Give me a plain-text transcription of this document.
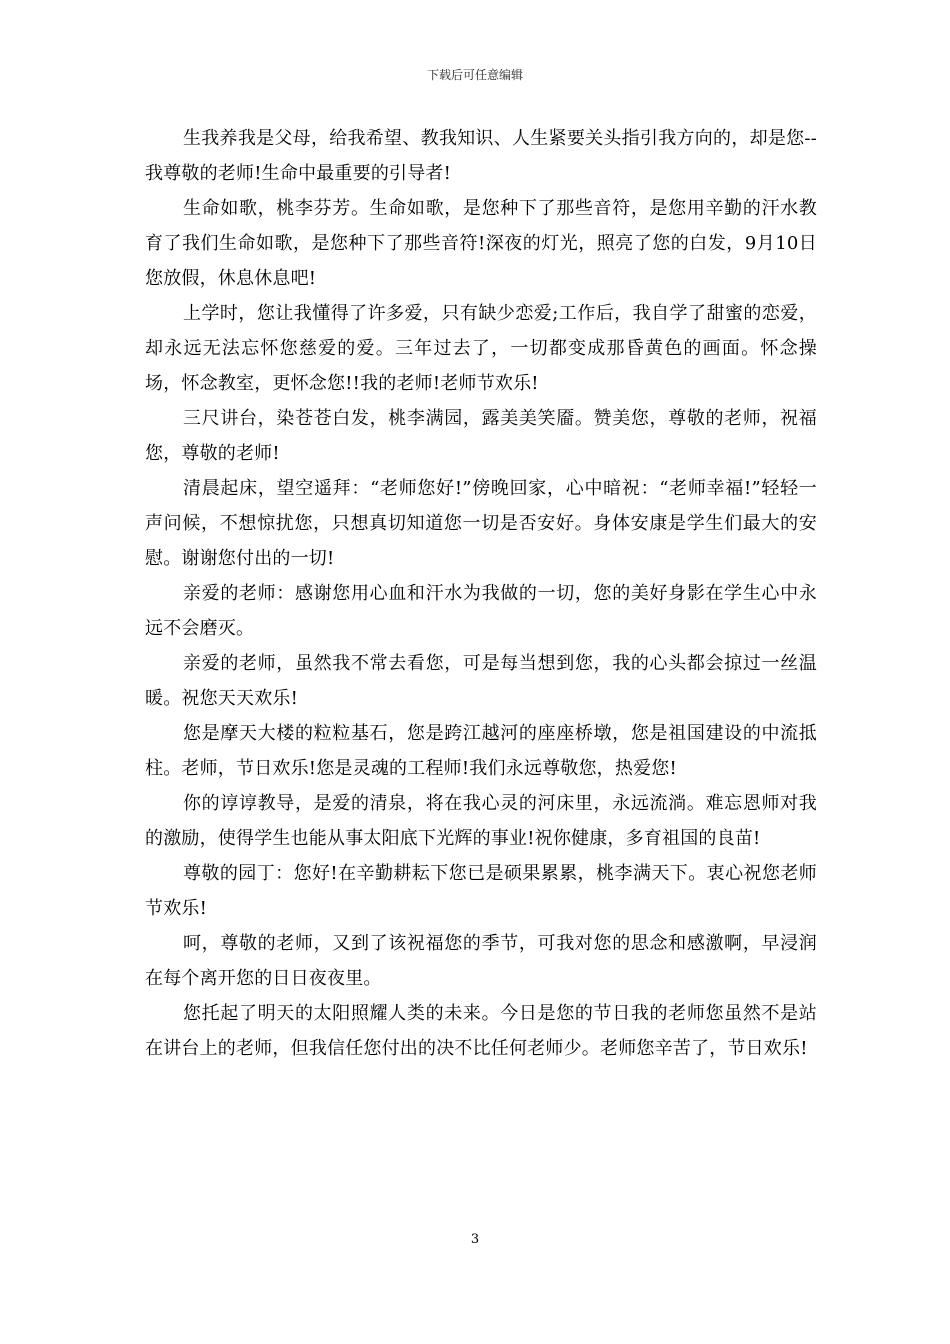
下载后可任意编辑

生我养我是父母，给我希望、教我知识、人生紧要关头指引我方向的，却是您--我尊敬的老师!生命中最重要的引导者!

生命如歌，桃李芬芳。生命如歌，是您种下了那些音符，是您用辛勤的汗水教育了我们生命如歌，是您种下了那些音符!深夜的灯光，照亮了您的白发，9月10日您放假，休息休息吧!

上学时，您让我懂得了许多爱，只有缺少恋爱;工作后，我自学了甜蜜的恋爱，却永远无法忘怀您慈爱的爱。三年过去了，一切都变成那昏黄色的画面。怀念操场，怀念教室，更怀念您!!我的老师!老师节欢乐!

三尺讲台，染苍苍白发，桃李满园，露美美笑靥。赞美您，尊敬的老师，祝福您，尊敬的老师!

清晨起床，望空遥拜：“老师您好!”傍晚回家，心中暗祝：“老师幸福!”轻轻一声问候，不想惊扰您，只想真切知道您一切是否安好。身体安康是学生们最大的安慰。谢谢您付出的一切!

亲爱的老师：感谢您用心血和汗水为我做的一切，您的美好身影在学生心中永远不会磨灭。

亲爱的老师，虽然我不常去看您，可是每当想到您，我的心头都会掠过一丝温暖。祝您天天欢乐!

您是摩天大楼的粒粒基石，您是跨江越河的座座桥墩，您是祖国建设的中流抵柱。老师，节日欢乐!您是灵魂的工程师!我们永远尊敬您，热爱您!

你的谆谆教导，是爱的清泉，将在我心灵的河床里，永远流淌。难忘恩师对我的激励，使得学生也能从事太阳底下光辉的事业!祝你健康，多育祖国的良苗!

尊敬的园丁：您好!在辛勤耕耘下您已是硕果累累，桃李满天下。衷心祝您老师节欢乐!

呵，尊敬的老师，又到了该祝福您的季节，可我对您的思念和感激啊，早浸润在每个离开您的日日夜夜里。

您托起了明天的太阳照耀人类的未来。今日是您的节日我的老师您虽然不是站在讲台上的老师，但我信任您付出的决不比任何老师少。老师您辛苦了，节日欢乐!

3
